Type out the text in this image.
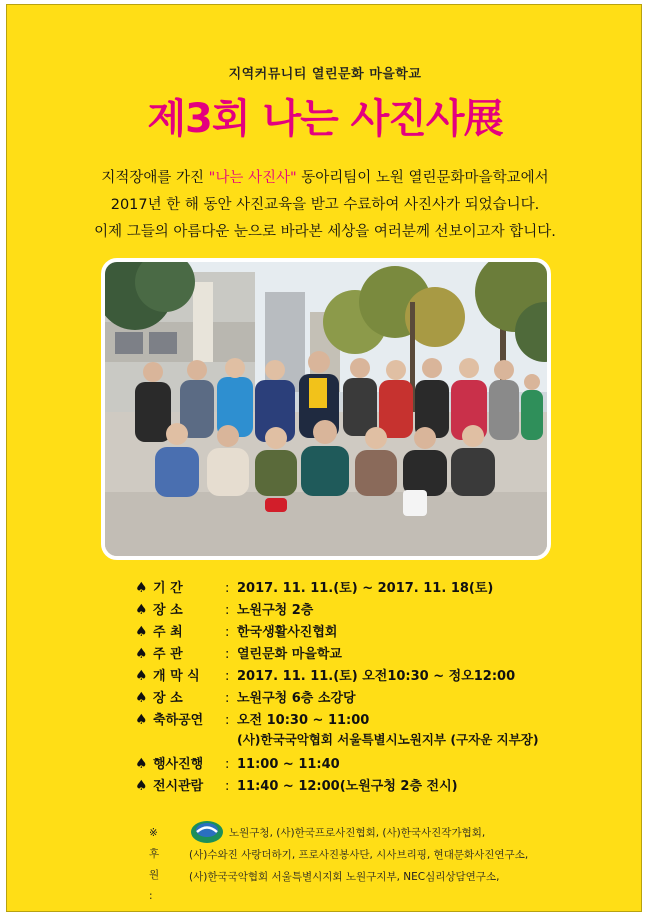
지역커뮤니티 열린문화 마을학교
제3회 나는 사진사展
지적장애를 가진 "나는 사진사" 동아리팀이 노원 열린문화마을학교에서
2017년 한 해 동안 사진교육을 받고 수료하여 사진사가 되었습니다.
이제 그들의 아름다운 눈으로 바라본 세상을 여러분께 선보이고자 합니다.
♠ 기 간	: 2017. 11. 11.(토) ~ 2017. 11. 18(토)
♠ 장 소	: 노원구청 2층
♠ 주 최	: 한국생활사진협회
♠ 주 관	: 열린문화 마을학교
♠ 개 막 식 : 2017. 11. 11.(토) 오전10:30 ~ 정오12:00
♠ 장 소	: 노원구청 6층 소강당
♠ 축하공연 : 오전 10:30 ~ 11:00
(사)한국국악협회 서울특별시노원지부 (구자운 지부장)
♠ 행사진행 : 11:00 ~ 11:40
♠ 전시관람 : 11:40 ~ 12:00(노원구청 2층 전시)
※ 후원 :
노원구청, (사)한국프로사진협회, (사)한국사진작가협회,
(사)수와진 사랑더하기, 프로사진봉사단, 시사브리핑, 현대문화사진연구소,
(사)한국국악협회 서울특별시지회 노원구지부, NEC심리상담연구소,
